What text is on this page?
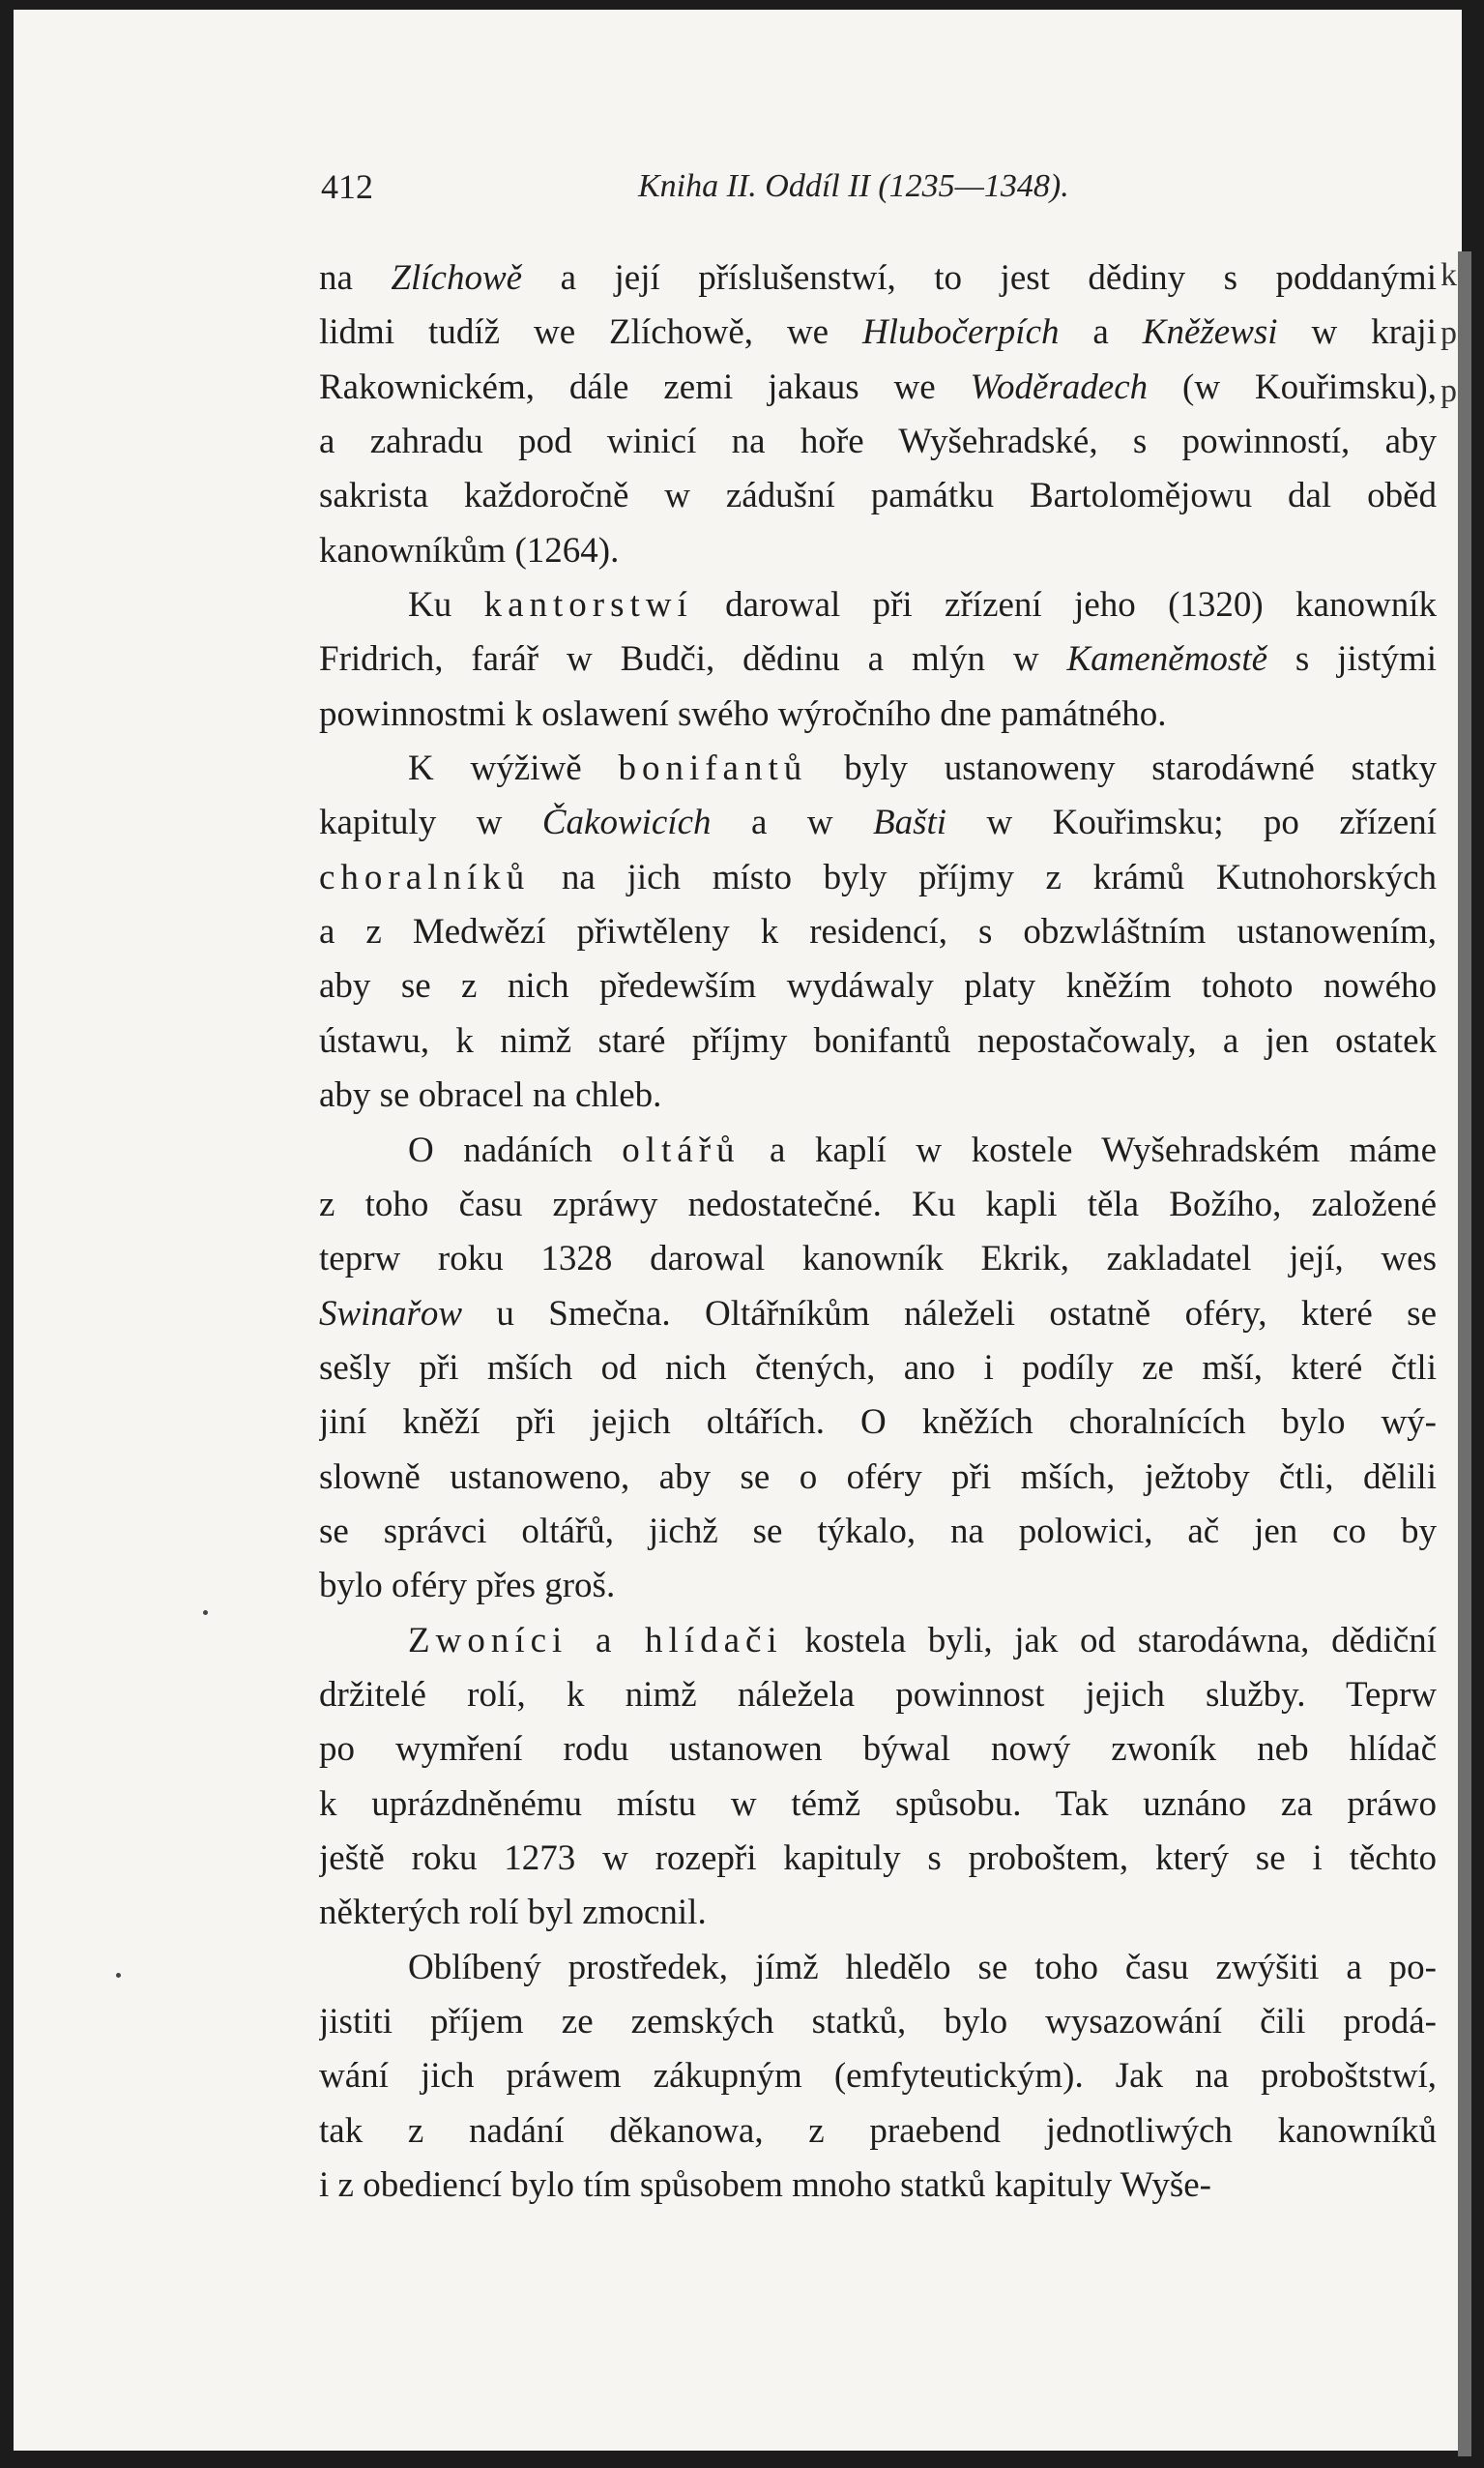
412	Kniha II. Oddíl II (1235—1348).
na Zlíchowě a její příslušenstwí, to jest dědiny s poddanými
lidmi tudíž we Zlíchowě, we Hlubočerpích a Kněžewsi w kraji
Rakownickém, dále zemi jakaus we Woděradech (w Kouřimsku),
a zahradu pod winicí na hoře Wyšehradské, s powinností, aby
sakrista každoročně w zádušní památku Bartolomějowu dal oběd
kanowníkům (1264).
Ku kantorstwí darowal při zřízení jeho (1320) kanowník
Fridrich, farář w Budči, dědinu a mlýn w Kameněmostě s jistými
powinnostmi k oslawení swého wýročního dne památného.
K wýžiwě bonifantů byly ustanoweny starodáwné statky
kapituly w Čakowicích a w Bašti w Kouřimsku; po zřízení
choralníků na jich místo byly příjmy z krámů Kutnohorských
a z Medwězí přiwtěleny k residencí, s obzwláštním ustanowením,
aby se z nich předewším wydáwaly platy kněžím tohoto nowého
ústawu, k nimž staré příjmy bonifantů nepostačowaly, a jen ostatek
aby se obracel na chleb.
O nadáních oltářů a kaplí w kostele Wyšehradském máme
z toho času zpráwy nedostatečné. Ku kapli těla Božího, založené
teprw roku 1328 darowal kanowník Ekrik, zakladatel její, wes
Swinařow u Smečna. Oltářníkům náleželi ostatně oféry, které se
sešly při mších od nich čtených, ano i podíly ze mší, které čtli
jiní kněží při jejich oltářích. O kněžích choralnících bylo wý-
slowně ustanoweno, aby se o oféry při mších, ježtoby čtli, dělili
se správci oltářů, jichž se týkalo, na polowici, ač jen co by
bylo oféry přes groš.
Zwoníci a hlídači kostela byli, jak od starodáwna, dědiční
držitelé rolí, k nimž náležela powinnost jejich služby. Teprw
po wymření rodu ustanowen býwal nowý zwoník neb hlídač
k uprázdněnému místu w témž spůsobu. Tak uznáno za práwo
ještě roku 1273 w rozepři kapituly s proboštem, který se i těchto
některých rolí byl zmocnil.
Oblíbený prostředek, jímž hledělo se toho času zwýšiti a po-
jistiti příjem ze zemských statků, bylo wysazowání čili prodá-
wání jich práwem zákupným (emfyteutickým). Jak na proboštstwí,
tak z nadání děkanowa, z praebend jednotliwých kanowníků
i z obediencí bylo tím spůsobem mnoho statků kapituly Wyše-
k
p
p
